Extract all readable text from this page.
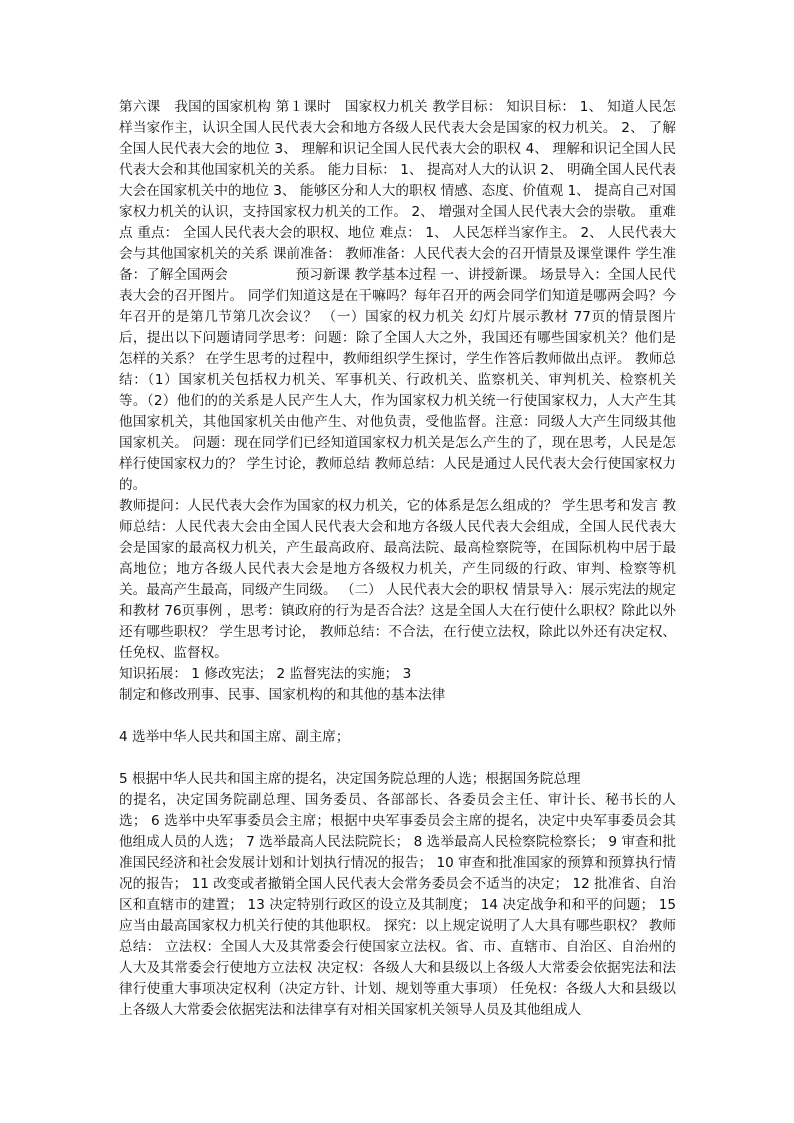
第六课　我国的国家机构 第１课时　国家权力机关 教学目标： 知识目标： 1、 知道人民怎样当家作主，认识全国人民代表大会和地方各级人民代表大会是国家的权力机关。 2、 了解全国人民代表大会的地位 3、 理解和识记全国人民代表大会的职权 4、 理解和识记全国人民代表大会和其他国家机关的关系。 能力目标： 1、 提高对人大的认识 2、 明确全国人民代表大会在国家机关中的地位 3、 能够区分和人大的职权 情感、态度、价值观 1、 提高自己对国家权力机关的认识，支持国家权力机关的工作。 2、 增强对全国人民代表大会的崇敬。 重难点 重点： 全国人民代表大会的职权、地位 难点： 1、 人民怎样当家作主。 2、 人民代表大会与其他国家机关的关系 课前准备： 教师准备：人民代表大会的召开情景及课堂课件 学生准备：了解全国两会　　　　　预习新课 教学基本过程 一、讲授新课。 场景导入：全国人民代表大会的召开图片。 同学们知道这是在干嘛吗？每年召开的两会同学们知道是哪两会吗？今年召开的是第几节第几次会议？ （一）国家的权力机关 幻灯片展示教材 77页的情景图片后，提出以下问题请同学思考：问题：除了全国人大之外，我国还有哪些国家机关？他们是怎样的关系？ 在学生思考的过程中，教师组织学生探讨，学生作答后教师做出点评。 教师总结：（1）国家机关包括权力机关、军事机关、行政机关、监察机关、审判机关、检察机关等。（2）他们的的关系是人民产生人大，作为国家权力机关统一行使国家权力，人大产生其他国家机关，其他国家机关由他产生、对他负责，受他监督。注意：同级人大产生同级其他国家机关。 问题：现在同学们已经知道国家权力机关是怎么产生的了，现在思考，人民是怎样行使国家权力的？ 学生讨论，教师总结 教师总结：人民是通过人民代表大会行使国家权力的。

教师提问：人民代表大会作为国家的权力机关，它的体系是怎么组成的？ 学生思考和发言 教师总结：人民代表大会由全国人民代表大会和地方各级人民代表大会组成，全国人民代表大会是国家的最高权力机关，产生最高政府、最高法院、最高检察院等，在国际机构中居于最高地位；地方各级人民代表大会是地方各级权力机关，产生同级的行政、审判、检察等机关。最高产生最高，同级产生同级。 （二） 人民代表大会的职权 情景导入：展示宪法的规定和教材 76页事例 ，思考：镇政府的行为是否合法？这是全国人大在行使什么职权？除此以外还有哪些职权？ 学生思考讨论， 教师总结：不合法，在行使立法权，除此以外还有决定权、任免权、监督权。

知识拓展： 1 修改宪法； 2 监督宪法的实施； 3

制定和修改刑事、民事、国家机构的和其他的基本法律

4 选举中华人民共和国主席、副主席；

5 根据中华人民共和国主席的提名，决定国务院总理的人选；根据国务院总理

的提名，决定国务院副总理、国务委员、各部部长、各委员会主任、审计长、秘书长的人选； 6 选举中央军事委员会主席；根据中央军事委员会主席的提名，决定中央军事委员会其他组成人员的人选； 7 选举最高人民法院院长； 8 选举最高人民检察院检察长； 9 审查和批准国民经济和社会发展计划和计划执行情况的报告； 10 审查和批准国家的预算和预算执行情况的报告； 11 改变或者撤销全国人民代表大会常务委员会不适当的决定； 12 批准省、自治区和直辖市的建置； 13 决定特别行政区的设立及其制度； 14 决定战争和和平的问题； 15 应当由最高国家权力机关行使的其他职权。 探究：以上规定说明了人大具有哪些职权？ 教师总结： 立法权：全国人大及其常委会行使国家立法权。省、市、直辖市、自治区、自治州的人大及其常委会行使地方立法权 决定权：各级人大和县级以上各级人大常委会依据宪法和法律行使重大事项决定权利（决定方针、计划、规划等重大事项） 任免权：各级人大和县级以上各级人大常委会依据宪法和法律享有对相关国家机关领导人员及其他组成人
